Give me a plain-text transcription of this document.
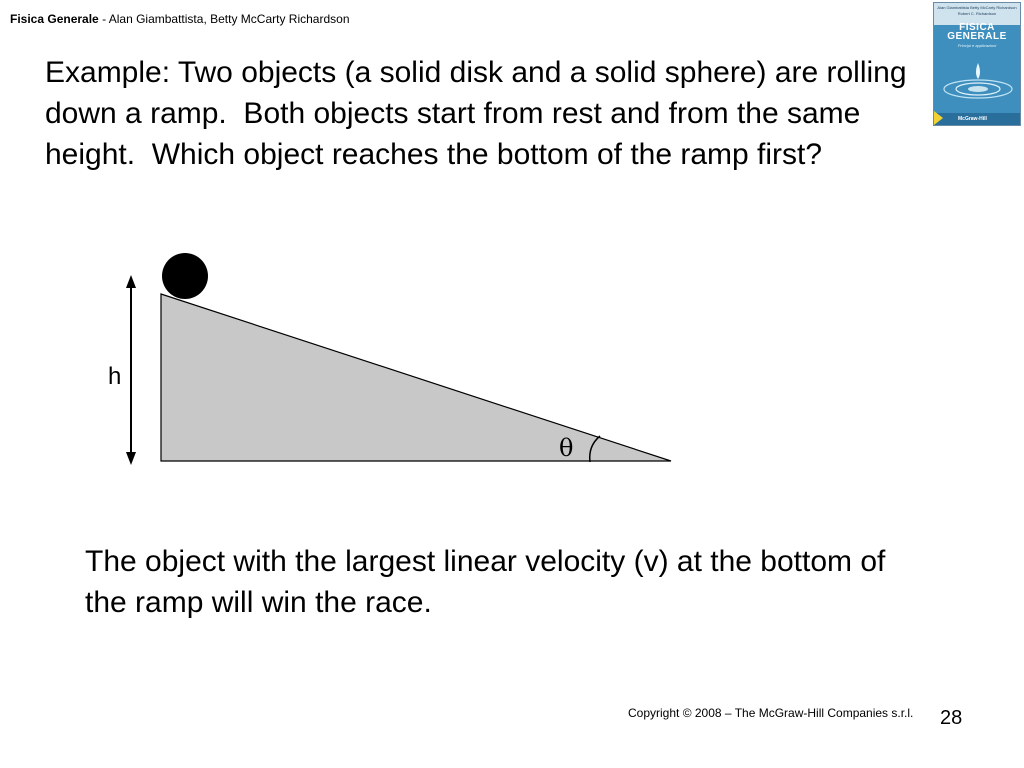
Fisica Generale - Alan Giambattista, Betty McCarty Richardson
Alan Giambattista Betty McCarty Richardson Robert C. Richardson
FISICA GENERALE
Principi e applicazioni
McGraw-Hill
Example: Two objects (a solid disk and a solid sphere) are rolling down a ramp.  Both objects start from rest and from the same height.  Which object reaches the bottom of the ramp first?
h
θ
The object with the largest linear velocity (v) at the bottom of the ramp will win the race.
Copyright © 2008 – The McGraw-Hill Companies s.r.l. 28
